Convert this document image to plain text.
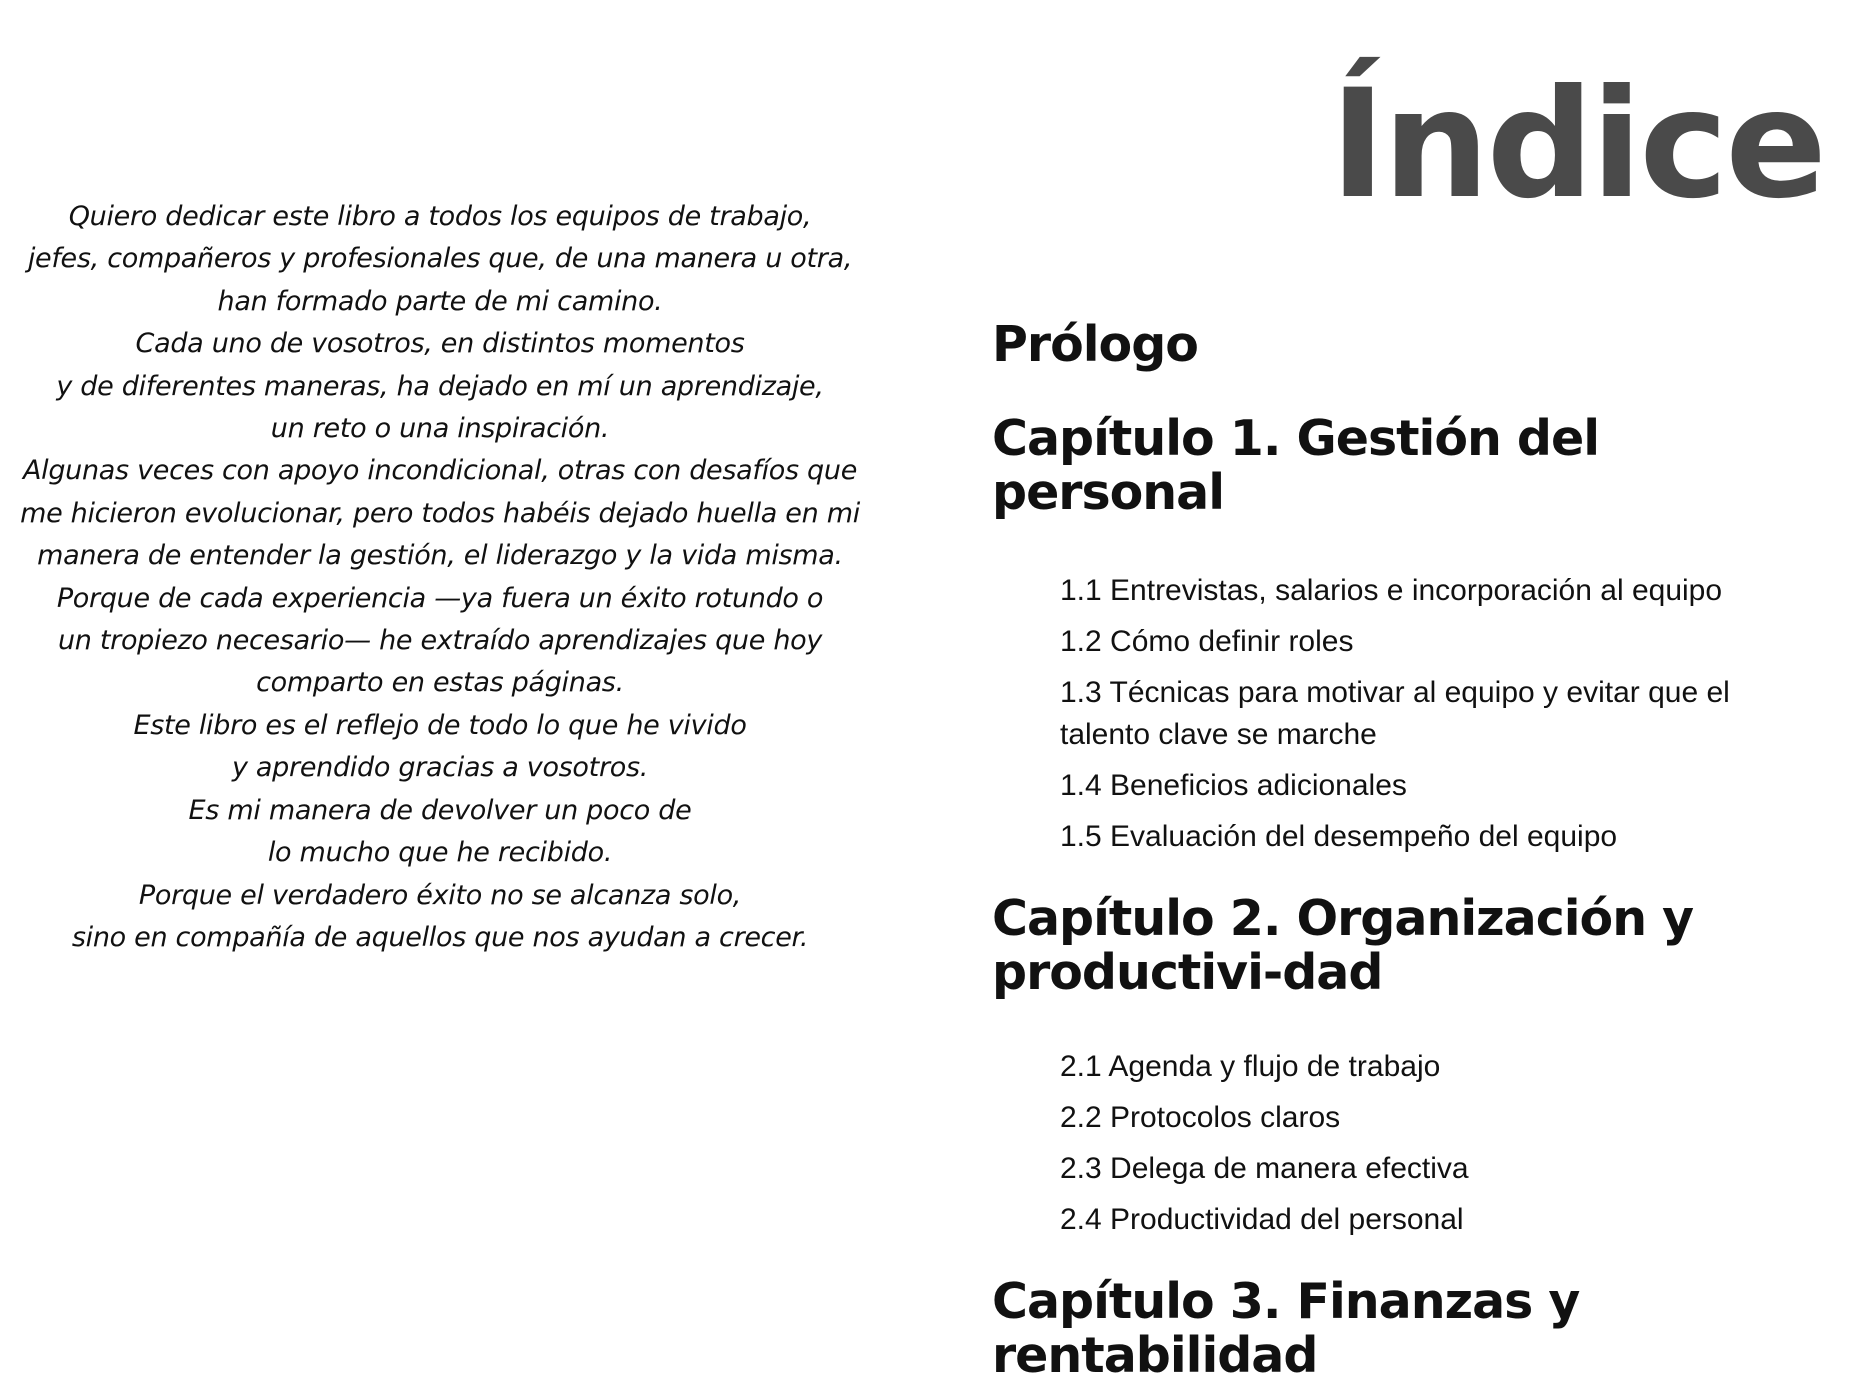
Quiero dedicar este libro a todos los equipos de trabajo,
jefes, compañeros y profesionales que, de una manera u otra,
han formado parte de mi camino.
Cada uno de vosotros, en distintos momentos
y de diferentes maneras, ha dejado en mí un aprendizaje,
un reto o una inspiración.
Algunas veces con apoyo incondicional, otras con desafíos que
me hicieron evolucionar, pero todos habéis dejado huella en mi
manera de entender la gestión, el liderazgo y la vida misma.
Porque de cada experiencia —ya fuera un éxito rotundo o
un tropiezo necesario— he extraído aprendizajes que hoy
comparto en estas páginas.
Este libro es el reflejo de todo lo que he vivido
y aprendido gracias a vosotros.
Es mi manera de devolver un poco de
lo mucho que he recibido.
Porque el verdadero éxito no se alcanza solo,
sino en compañía de aquellos que nos ayudan a crecer.
Índice
Prólogo
Capítulo 1. Gestión del personal
1.1 Entrevistas, salarios e incorporación al equipo
1.2 Cómo definir roles
1.3 Técnicas para motivar al equipo y evitar que el talento clave se marche
1.4 Beneficios adicionales
1.5 Evaluación del desempeño del equipo
Capítulo 2. Organización y productivi-dad
2.1 Agenda y flujo de trabajo
2.2 Protocolos claros
2.3 Delega de manera efectiva
2.4 Productividad del personal
Capítulo 3. Finanzas y rentabilidad
